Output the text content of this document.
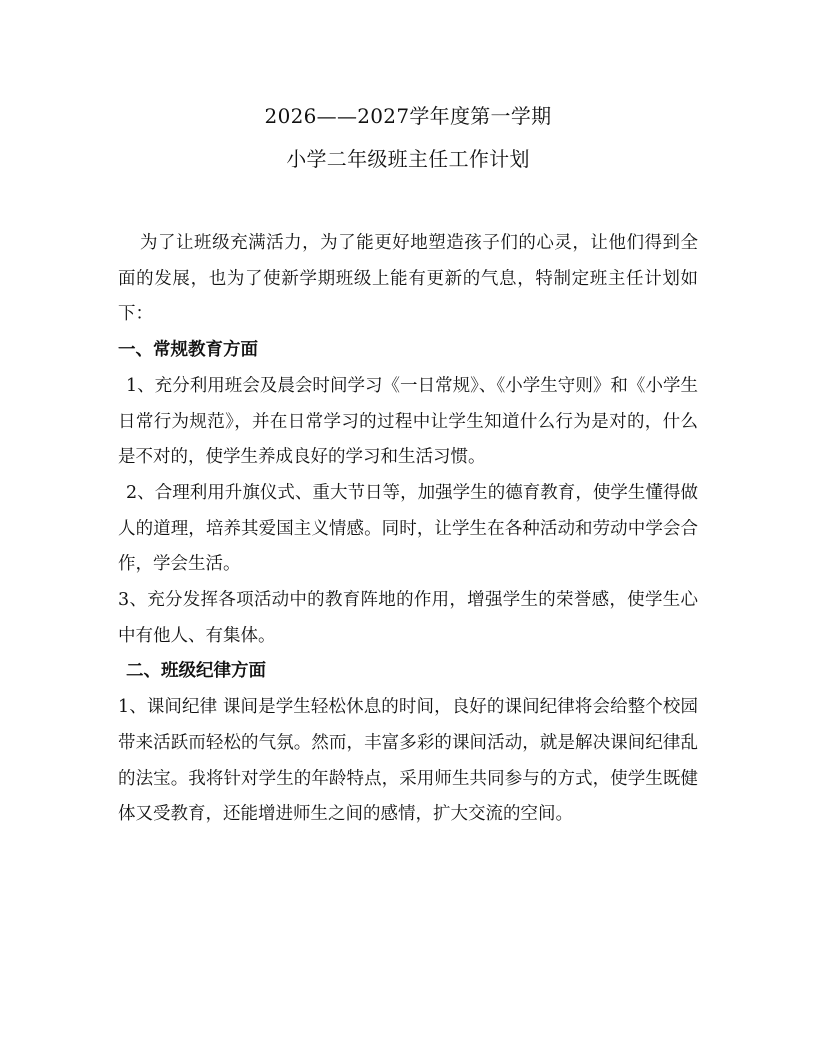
2026——2027学年度第一学期
小学二年级班主任工作计划

为了让班级充满活力，为了能更好地塑造孩子们的心灵，让他们得到全面的发展，也为了使新学期班级上能有更新的气息，特制定班主任计划如下：

一、常规教育方面

1、充分利用班会及晨会时间学习《一日常规》、《小学生守则》和《小学生日常行为规范》，并在日常学习的过程中让学生知道什么行为是对的，什么是不对的，使学生养成良好的学习和生活习惯。

2、合理利用升旗仪式、重大节日等，加强学生的德育教育，使学生懂得做人的道理，培养其爱国主义情感。同时，让学生在各种活动和劳动中学会合作，学会生活。

3、充分发挥各项活动中的教育阵地的作用，增强学生的荣誉感，使学生心中有他人、有集体。

二、班级纪律方面

1、课间纪律 课间是学生轻松休息的时间，良好的课间纪律将会给整个校园带来活跃而轻松的气氛。然而，丰富多彩的课间活动，就是解决课间纪律乱的法宝。我将针对学生的年龄特点，采用师生共同参与的方式，使学生既健体又受教育，还能增进师生之间的感情，扩大交流的空间。
